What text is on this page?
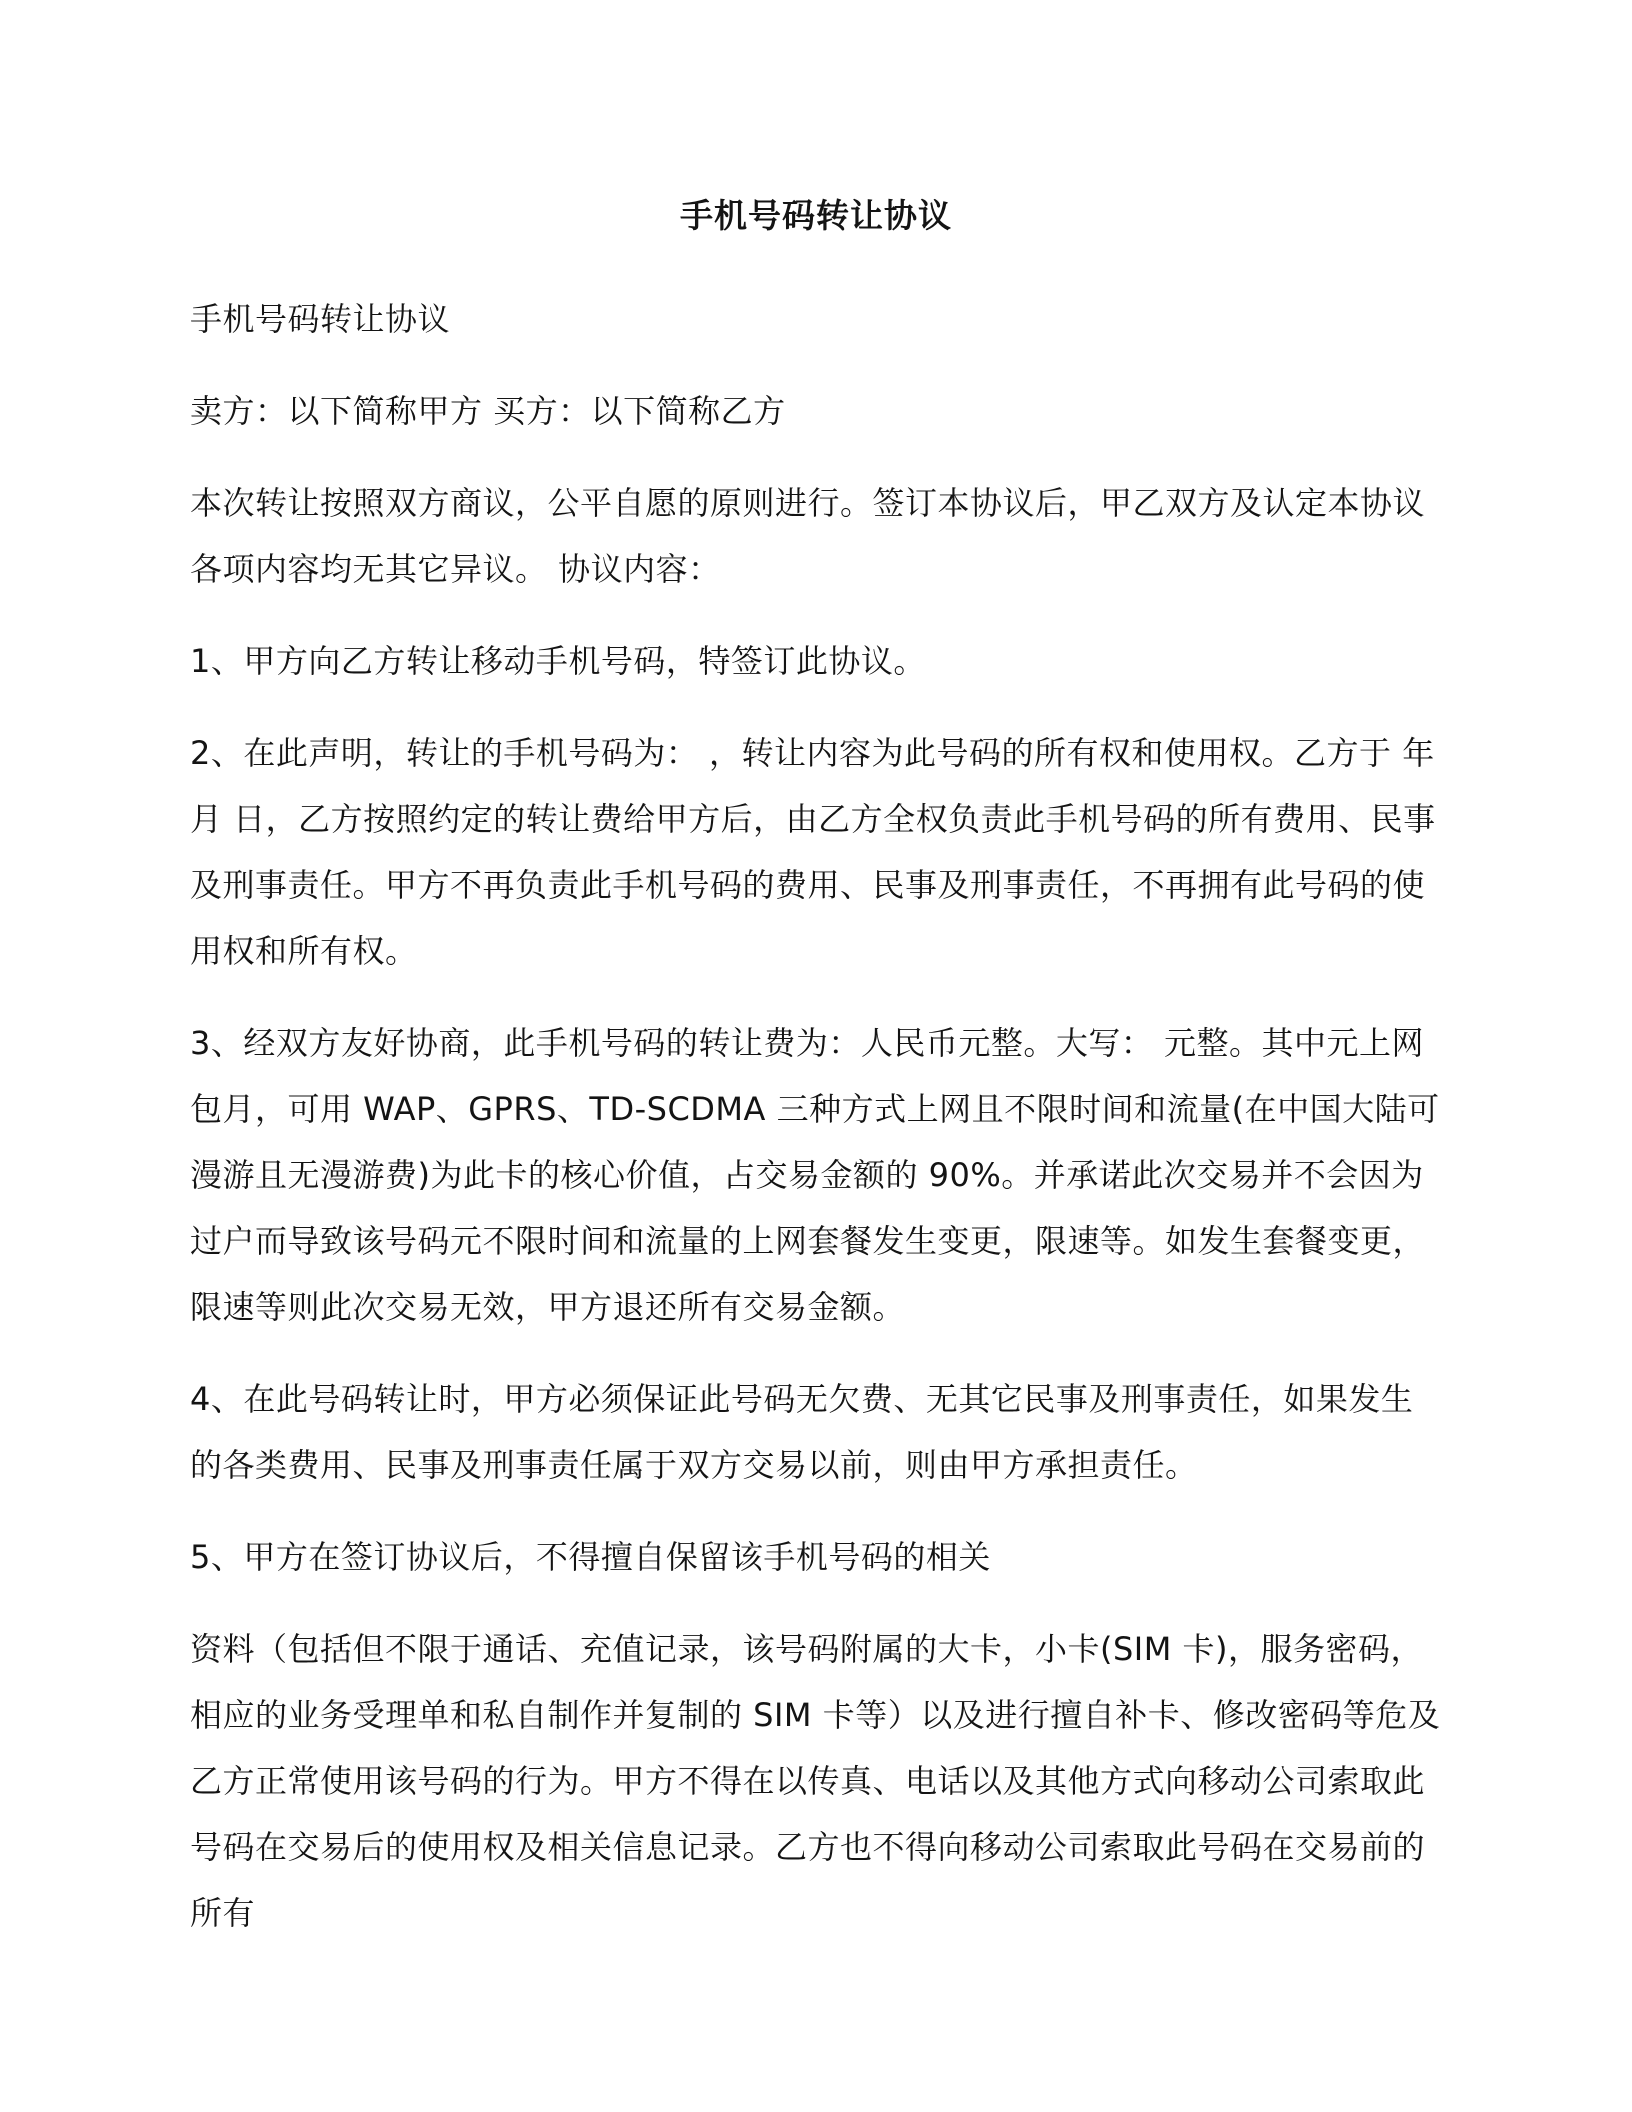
手机号码转让协议

手机号码转让协议

卖方：以下简称甲方 买方：以下简称乙方

本次转让按照双方商议，公平自愿的原则进行。签订本协议后，甲乙双方及认定本协议各项内容均无其它异议。 协议内容：

1、甲方向乙方转让移动手机号码，特签订此协议。

2、在此声明，转让的手机号码为： ，转让内容为此号码的所有权和使用权。乙方于 年 月 日，乙方按照约定的转让费给甲方后，由乙方全权负责此手机号码的所有费用、民事及刑事责任。甲方不再负责此手机号码的费用、民事及刑事责任，不再拥有此号码的使用权和所有权。

3、经双方友好协商，此手机号码的转让费为：人民币元整。大写： 元整。其中元上网包月，可用 WAP、GPRS、TD-SCDMA 三种方式上网且不限时间和流量(在中国大陆可漫游且无漫游费)为此卡的核心价值，占交易金额的 90%。并承诺此次交易并不会因为过户而导致该号码元不限时间和流量的上网套餐发生变更，限速等。如发生套餐变更，限速等则此次交易无效，甲方退还所有交易金额。

4、在此号码转让时，甲方必须保证此号码无欠费、无其它民事及刑事责任，如果发生的各类费用、民事及刑事责任属于双方交易以前，则由甲方承担责任。

5、甲方在签订协议后，不得擅自保留该手机号码的相关

资料（包括但不限于通话、充值记录，该号码附属的大卡，小卡(SIM 卡)，服务密码，相应的业务受理单和私自制作并复制的 SIM 卡等）以及进行擅自补卡、修改密码等危及乙方正常使用该号码的行为。甲方不得在以传真、电话以及其他方式向移动公司索取此号码在交易后的使用权及相关信息记录。乙方也不得向移动公司索取此号码在交易前的所有
